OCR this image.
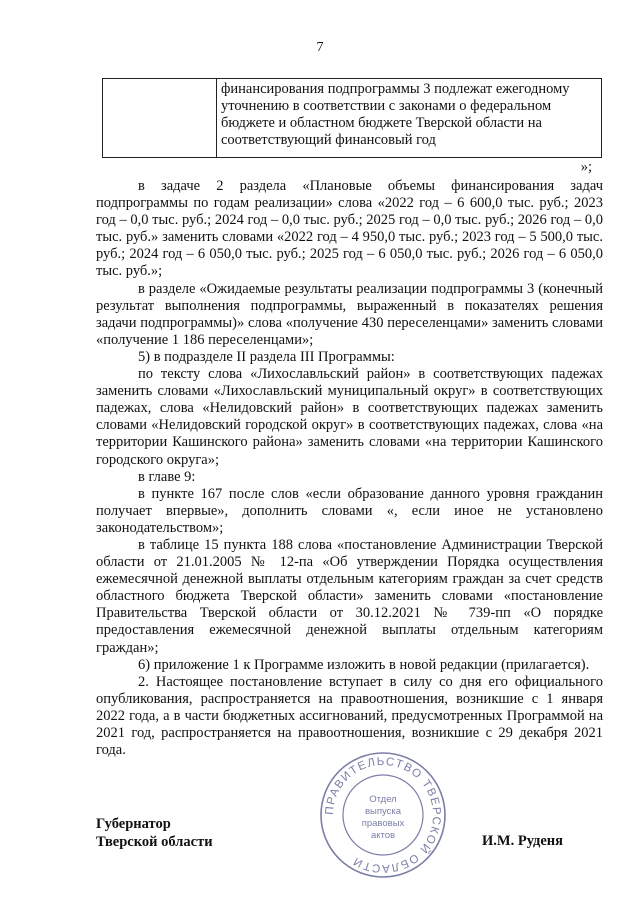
7
	финансирования подпрограммы 3 подлежат ежегодному уточнению в соответствии с законами о федеральном бюджете и областном бюджете Тверской области на соответствующий финансовый год
»;

в задаче 2 раздела «Плановые объемы финансирования задач подпрограммы по годам реализации» слова «2022 год – 6 600,0 тыс. руб.; 2023 год – 0,0 тыс. руб.; 2024 год – 0,0 тыс. руб.; 2025 год – 0,0 тыс. руб.; 2026 год – 0,0 тыс. руб.» заменить словами «2022 год – 4 950,0 тыс. руб.; 2023 год – 5 500,0 тыс. руб.; 2024 год – 6 050,0 тыс. руб.; 2025 год – 6 050,0 тыс. руб.; 2026 год – 6 050,0 тыс. руб.»;

в разделе «Ожидаемые результаты реализации подпрограммы 3 (конечный результат выполнения подпрограммы, выраженный в показателях решения задачи подпрограммы)» слова «получение 430 переселенцами» заменить словами «получение 1 186 переселенцами»;

5) в подразделе II раздела III Программы:

по тексту слова «Лихославльский район» в соответствующих падежах заменить словами «Лихославльский муниципальный округ» в соответствующих падежах, слова «Нелидовский район» в соответствующих падежах заменить словами «Нелидовский городской округ» в соответствующих падежах, слова «на территории Кашинского района» заменить словами «на территории Кашинского городского округа»;

в главе 9:

в пункте 167 после слов «если образование данного уровня гражданин получает впервые», дополнить словами «, если иное не установлено законодательством»;

в таблице 15 пункта 188 слова «постановление Администрации Тверской области от 21.01.2005 № 12-па «Об утверждении Порядка осуществления ежемесячной денежной выплаты отдельным категориям граждан за счет средств областного бюджета Тверской области» заменить словами «постановление Правительства Тверской области от 30.12.2021 № 739-пп «О порядке предоставления ежемесячной денежной выплаты отдельным категориям граждан»;

6) приложение 1 к Программе изложить в новой редакции (прилагается).

2. Настоящее постановление вступает в силу со дня его официального опубликования, распространяется на правоотношения, возникшие с 1 января 2022 года, а в части бюджетных ассигнований, предусмотренных Программой на 2021 год, распространяется на правоотношения, возникшие с 29 декабря 2021 года.

Губернатор
Тверской области	И.М. Руденя
ПРАВИТЕЛЬСТВО ТВЕРСКОЙ ОБЛАСТИ
Отдел
выпуска
правовых
актов
